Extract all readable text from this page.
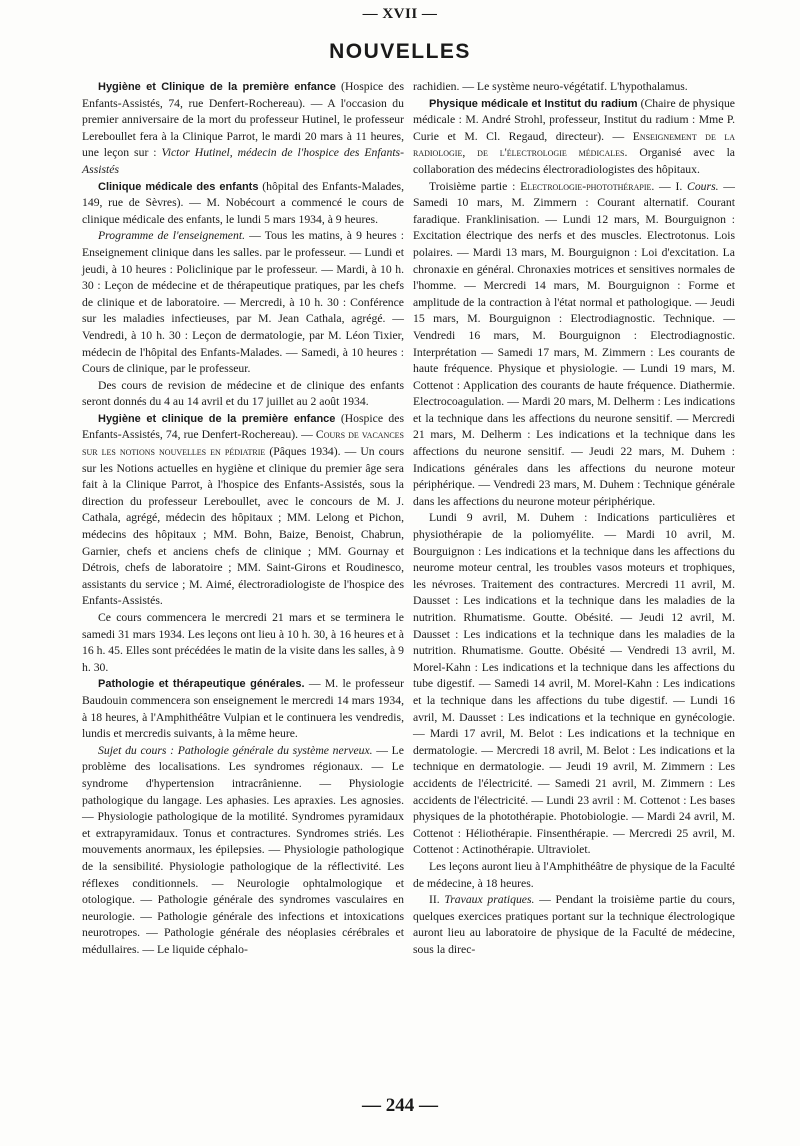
— XVII —
NOUVELLES

Hygiène et Clinique de la première enfance (Hospice des Enfants-Assistés, 74, rue Denfert-Rochereau). — A l'occasion du premier anniversaire de la mort du professeur Hutinel, le professeur Lereboullet fera à la Clinique Parrot, le mardi 20 mars à 11 heures, une leçon sur : Victor Hutinel, médecin de l'hospice des Enfants-Assistés

Clinique médicale des enfants (hôpital des Enfants-Malades, 149, rue de Sèvres). — M. Nobécourt a commencé le cours de clinique médicale des enfants, le lundi 5 mars 1934, à 9 heures.

Programme de l'enseignement. — Tous les matins, à 9 heures : Enseignement clinique dans les salles. par le professeur. — Lundi et jeudi, à 10 heures : Policlinique par le professeur. — Mardi, à 10 h. 30 : Leçon de médecine et de thérapeutique pratiques, par les chefs de clinique et de laboratoire. — Mercredi, à 10 h. 30 : Conférence sur les maladies infectieuses, par M. Jean Cathala, agrégé. — Vendredi, à 10 h. 30 : Leçon de dermatologie, par M. Léon Tixier, médecin de l'hôpital des Enfants-Malades. — Samedi, à 10 heures : Cours de clinique, par le professeur.

Des cours de revision de médecine et de clinique des enfants seront donnés du 4 au 14 avril et du 17 juillet au 2 août 1934.

Hygiène et clinique de la première enfance (Hospice des Enfants-Assistés, 74, rue Denfert-Rochereau). — Cours de vacances sur les notions nouvelles en pédiatrie (Pâques 1934). — Un cours sur les Notions actuelles en hygiène et clinique du premier âge sera fait à la Clinique Parrot, à l'hospice des Enfants-Assistés, sous la direction du professeur Lereboullet, avec le concours de M. J. Cathala, agrégé, médecin des hôpitaux ; MM. Lelong et Pichon, médecins des hôpitaux ; MM. Bohn, Baize, Benoist, Chabrun, Garnier, chefs et anciens chefs de clinique ; MM. Gournay et Détrois, chefs de laboratoire ; MM. Saint-Girons et Roudinesco, assistants du service ; M. Aimé, électroradiologiste de l'hospice des Enfants-Assistés.

Ce cours commencera le mercredi 21 mars et se terminera le samedi 31 mars 1934. Les leçons ont lieu à 10 h. 30, à 16 heures et à 16 h. 45. Elles sont précédées le matin de la visite dans les salles, à 9 h. 30.

Pathologie et thérapeutique générales. — M. le professeur Baudouin commencera son enseignement le mercredi 14 mars 1934, à 18 heures, à l'Amphithéâtre Vulpian et le continuera les vendredis, lundis et mercredis suivants, à la même heure.

Sujet du cours : Pathologie générale du système nerveux. — Le problème des localisations. Les syndromes régionaux. — Le syndrome d'hypertension intracrânienne. — Physiologie pathologique du langage. Les aphasies. Les apraxies. Les agnosies. — Physiologie pathologique de la motilité. Syndromes pyramidaux et extrapyramidaux. Tonus et contractures. Syndromes striés. Les mouvements anormaux, les épilepsies. — Physiologie pathologique de la sensibilité. Physiologie pathologique de la réflectivité. Les réflexes conditionnels. — Neurologie ophtalmologique et otologique. — Pathologie générale des syndromes vasculaires en neurologie. — Pathologie générale des infections et intoxications neurotropes. — Pathologie générale des néoplasies cérébrales et médullaires. — Le liquide céphalo-

rachidien. — Le système neuro-végétatif. L'hypothalamus.

Physique médicale et Institut du radium (Chaire de physique médicale : M. André Strohl, professeur, Institut du radium : Mme P. Curie et M. Cl. Regaud, directeur). — Enseignement de la radiologie, de l'électrologie médicales. Organisé avec la collaboration des médecins électroradiologistes des hôpitaux.

Troisième partie : Electrologie-photothérapie. — I. Cours. — Samedi 10 mars, M. Zimmern : Courant alternatif. Courant faradique. Franklinisation. — Lundi 12 mars, M. Bourguignon : Excitation électrique des nerfs et des muscles. Electrotonus. Lois polaires. — Mardi 13 mars, M. Bourguignon : Loi d'excitation. La chronaxie en général. Chronaxies motrices et sensitives normales de l'homme. — Mercredi 14 mars, M. Bourguignon : Forme et amplitude de la contraction à l'état normal et pathologique. — Jeudi 15 mars, M. Bourguignon : Electrodiagnostic. Technique. — Vendredi 16 mars, M. Bourguignon : Electrodiagnostic. Interprétation — Samedi 17 mars, M. Zimmern : Les courants de haute fréquence. Physique et physiologie. — Lundi 19 mars, M. Cottenot : Application des courants de haute fréquence. Diathermie. Electrocoagulation. — Mardi 20 mars, M. Delherm : Les indications et la technique dans les affections du neurone sensitif. — Mercredi 21 mars, M. Delherm : Les indications et la technique dans les affections du neurone sensitif. — Jeudi 22 mars, M. Duhem : Indications générales dans les affections du neurone moteur périphérique. — Vendredi 23 mars, M. Duhem : Technique générale dans les affections du neurone moteur périphérique.

Lundi 9 avril, M. Duhem : Indications particulières et physiothérapie de la poliomyélite. — Mardi 10 avril, M. Bourguignon : Les indications et la technique dans les affections du neurome moteur central, les troubles vasos moteurs et trophiques, les névroses. Traitement des contractures. Mercredi 11 avril, M. Dausset : Les indications et la technique dans les maladies de la nutrition. Rhumatisme. Goutte. Obésité. — Jeudi 12 avril, M. Dausset : Les indications et la technique dans les maladies de la nutrition. Rhumatisme. Goutte. Obésité — Vendredi 13 avril, M. Morel-Kahn : Les indications et la technique dans les affections du tube digestif. — Samedi 14 avril, M. Morel-Kahn : Les indications et la technique dans les affections du tube digestif. — Lundi 16 avril, M. Dausset : Les indications et la technique en gynécologie. — Mardi 17 avril, M. Belot : Les indications et la technique en dermatologie. — Mercredi 18 avril, M. Belot : Les indications et la technique en dermatologie. — Jeudi 19 avril, M. Zimmern : Les accidents de l'électricité. — Samedi 21 avril, M. Zimmern : Les accidents de l'électricité. — Lundi 23 avril : M. Cottenot : Les bases physiques de la photothérapie. Photobiologie. — Mardi 24 avril, M. Cottenot : Héliothérapie. Finsenthérapie. — Mercredi 25 avril, M. Cottenot : Actinothérapie. Ultraviolet.

Les leçons auront lieu à l'Amphithéâtre de physique de la Faculté de médecine, à 18 heures.

II. Travaux pratiques. — Pendant la troisième partie du cours, quelques exercices pratiques portant sur la technique électrologique auront lieu au laboratoire de physique de la Faculté de médecine, sous la direc-

— 244 —
